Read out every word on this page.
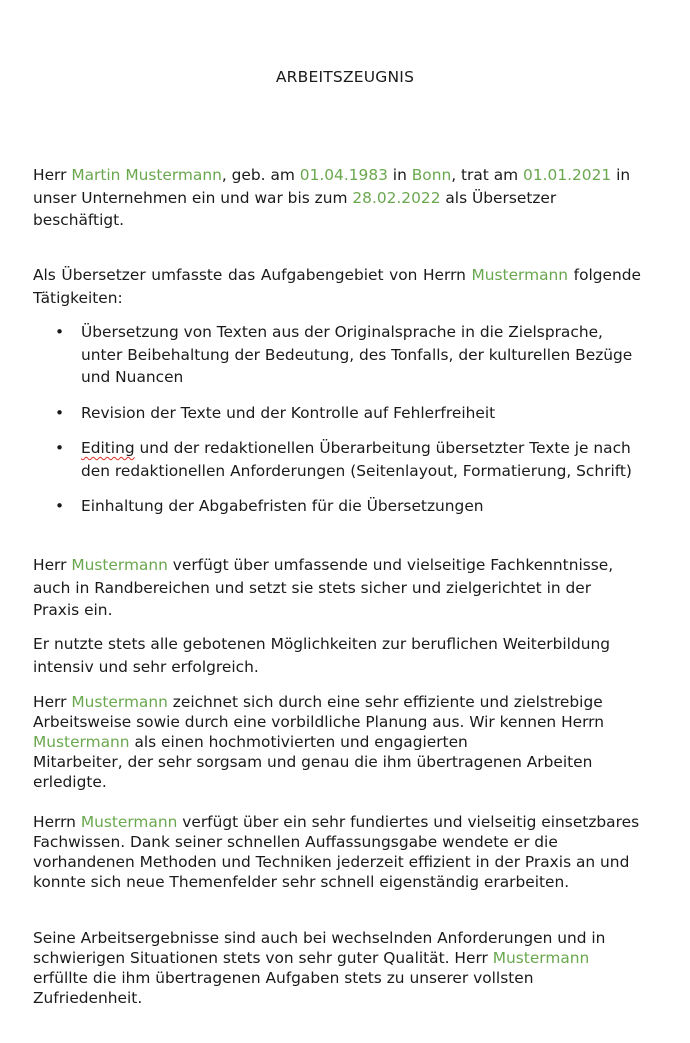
ARBEITSZEUGNIS

Herr Martin Mustermann, geb. am 01.04.1983 in Bonn, trat am 01.01.2021 in unser Unternehmen ein und war bis zum 28.02.2022 als Übersetzer beschäftigt.

Als Übersetzer umfasste das Aufgabengebiet von Herrn Mustermann folgende Tätigkeiten:

• Übersetzung von Texten aus der Originalsprache in die Zielsprache, unter Beibehaltung der Bedeutung, des Tonfalls, der kulturellen Bezüge und Nuancen
• Revision der Texte und der Kontrolle auf Fehlerfreiheit
• Editing und der redaktionellen Überarbeitung übersetzter Texte je nach den redaktionellen Anforderungen (Seitenlayout, Formatierung, Schrift)
• Einhaltung der Abgabefristen für die Übersetzungen

Herr Mustermann verfügt über umfassende und vielseitige Fachkenntnisse, auch in Randbereichen und setzt sie stets sicher und zielgerichtet in der Praxis ein.

Er nutzte stets alle gebotenen Möglichkeiten zur beruflichen Weiterbildung intensiv und sehr erfolgreich.

Herr Mustermann zeichnet sich durch eine sehr effiziente und zielstrebige Arbeitsweise sowie durch eine vorbildliche Planung aus. Wir kennen Herrn
Mustermann als einen hochmotivierten und engagierten
Mitarbeiter, der sehr sorgsam und genau die ihm übertragenen Arbeiten erledigte.

Herrn Mustermann verfügt über ein sehr fundiertes und vielseitig einsetzbares Fachwissen. Dank seiner schnellen Auffassungsgabe wendete er die vorhandenen Methoden und Techniken jederzeit effizient in der Praxis an und konnte sich neue Themenfelder sehr schnell eigenständig erarbeiten.

Seine Arbeitsergebnisse sind auch bei wechselnden Anforderungen und in schwierigen Situationen stets von sehr guter Qualität. Herr Mustermann erfüllte die ihm übertragenen Aufgaben stets zu unserer vollsten Zufriedenheit.
